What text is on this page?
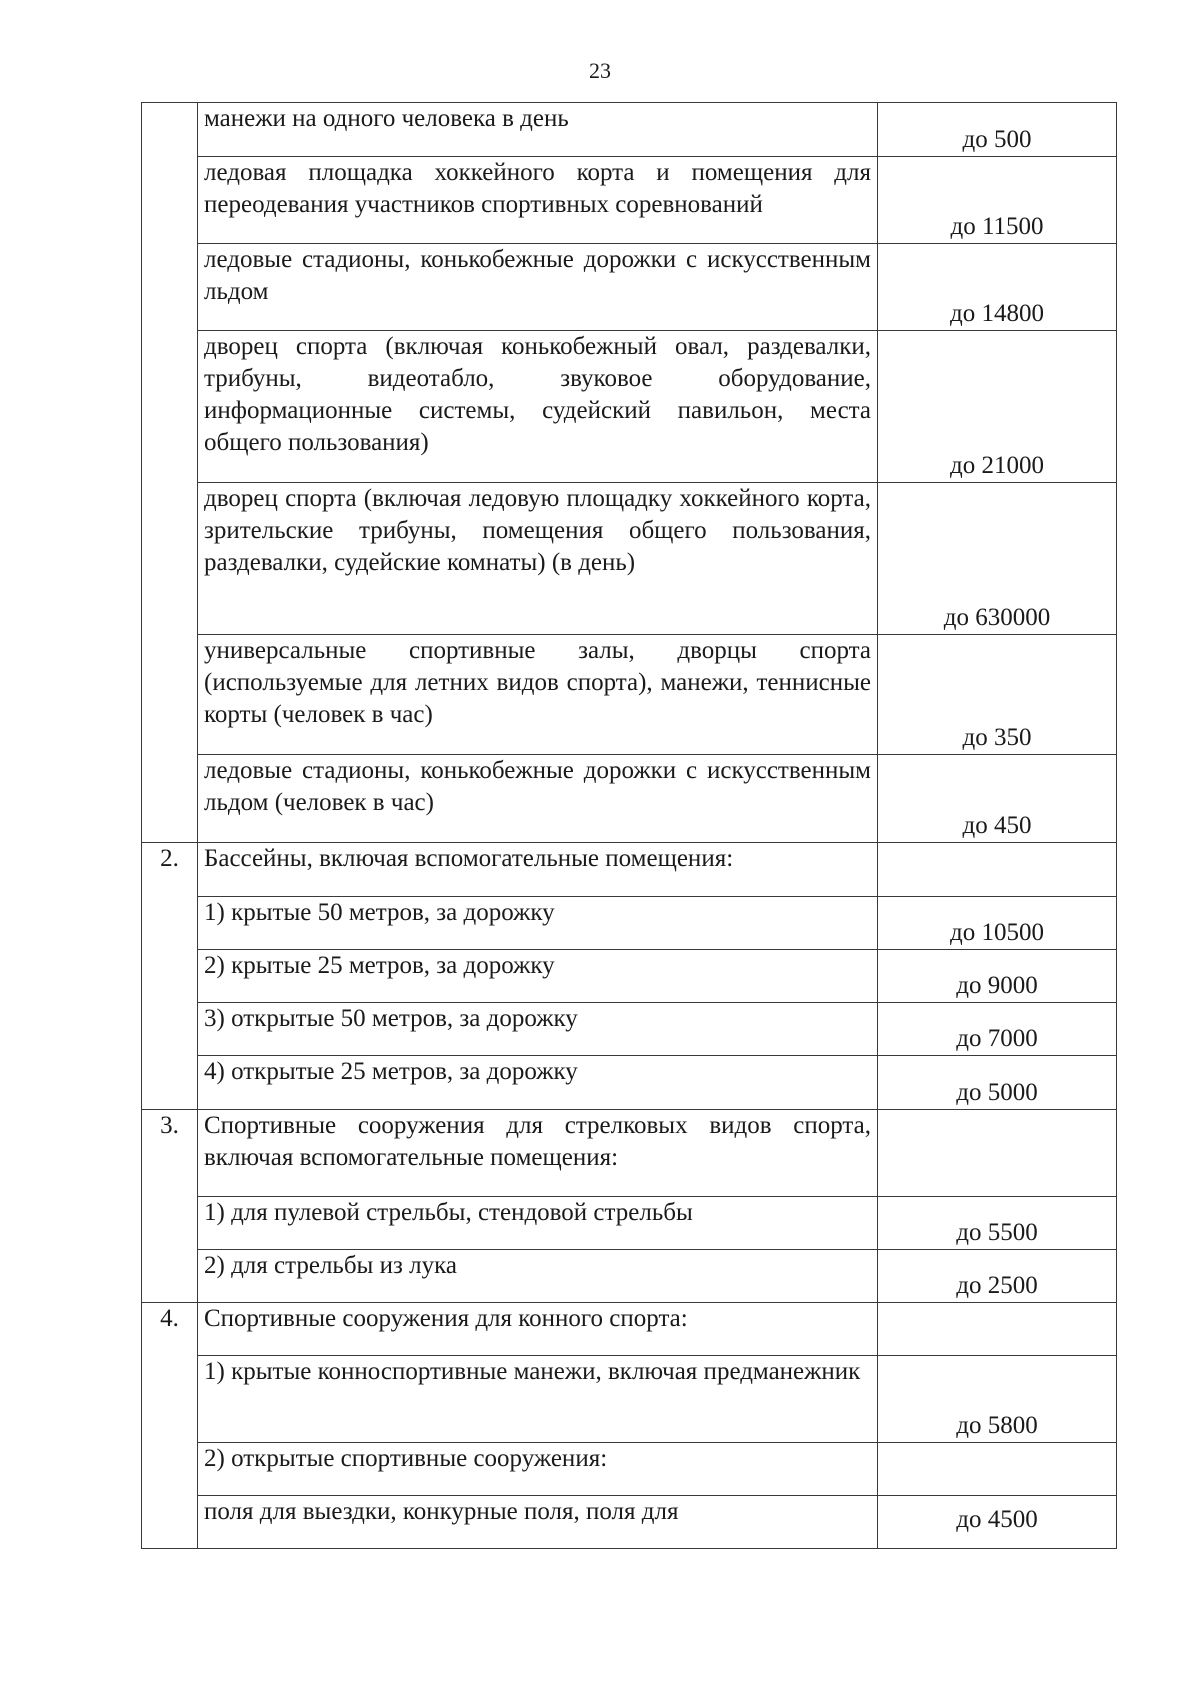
23
	манежи на одного человека в день	до 500
	ледовая площадка хоккейного корта и помещения для переодевания участников спортивных соревнований	до 11500
	ледовые стадионы, конькобежные дорожки с искусственным льдом	до 14800
	дворец спорта (включая конькобежный овал, раздевалки, трибуны, видеотабло, звуковое оборудование, информационные системы, судейский павильон, места общего пользования)	до 21000
	дворец спорта (включая ледовую площадку хоккейного корта, зрительские трибуны, помещения общего пользования, раздевалки, судейские комнаты) (в день)	до 630000
	универсальные спортивные залы, дворцы спорта (используемые для летних видов спорта), манежи, теннисные корты (человек в час)	до 350
	ледовые стадионы, конькобежные дорожки с искусственным льдом (человек в час)	до 450
2.	Бассейны, включая вспомогательные помещения:	
	1) крытые 50 метров, за дорожку	до 10500
	2) крытые 25 метров, за дорожку	до 9000
	3) открытые 50 метров, за дорожку	до 7000
	4) открытые 25 метров, за дорожку	до 5000
3.	Спортивные сооружения для стрелковых видов спорта, включая вспомогательные помещения:	
	1) для пулевой стрельбы, стендовой стрельбы	до 5500
	2) для стрельбы из лука	до 2500
4.	Спортивные сооружения для конного спорта:	
	1) крытые конноспортивные манежи, включая предманежник	до 5800
	2) открытые спортивные сооружения:	
	поля для выездки, конкурные поля, поля для	до 4500
